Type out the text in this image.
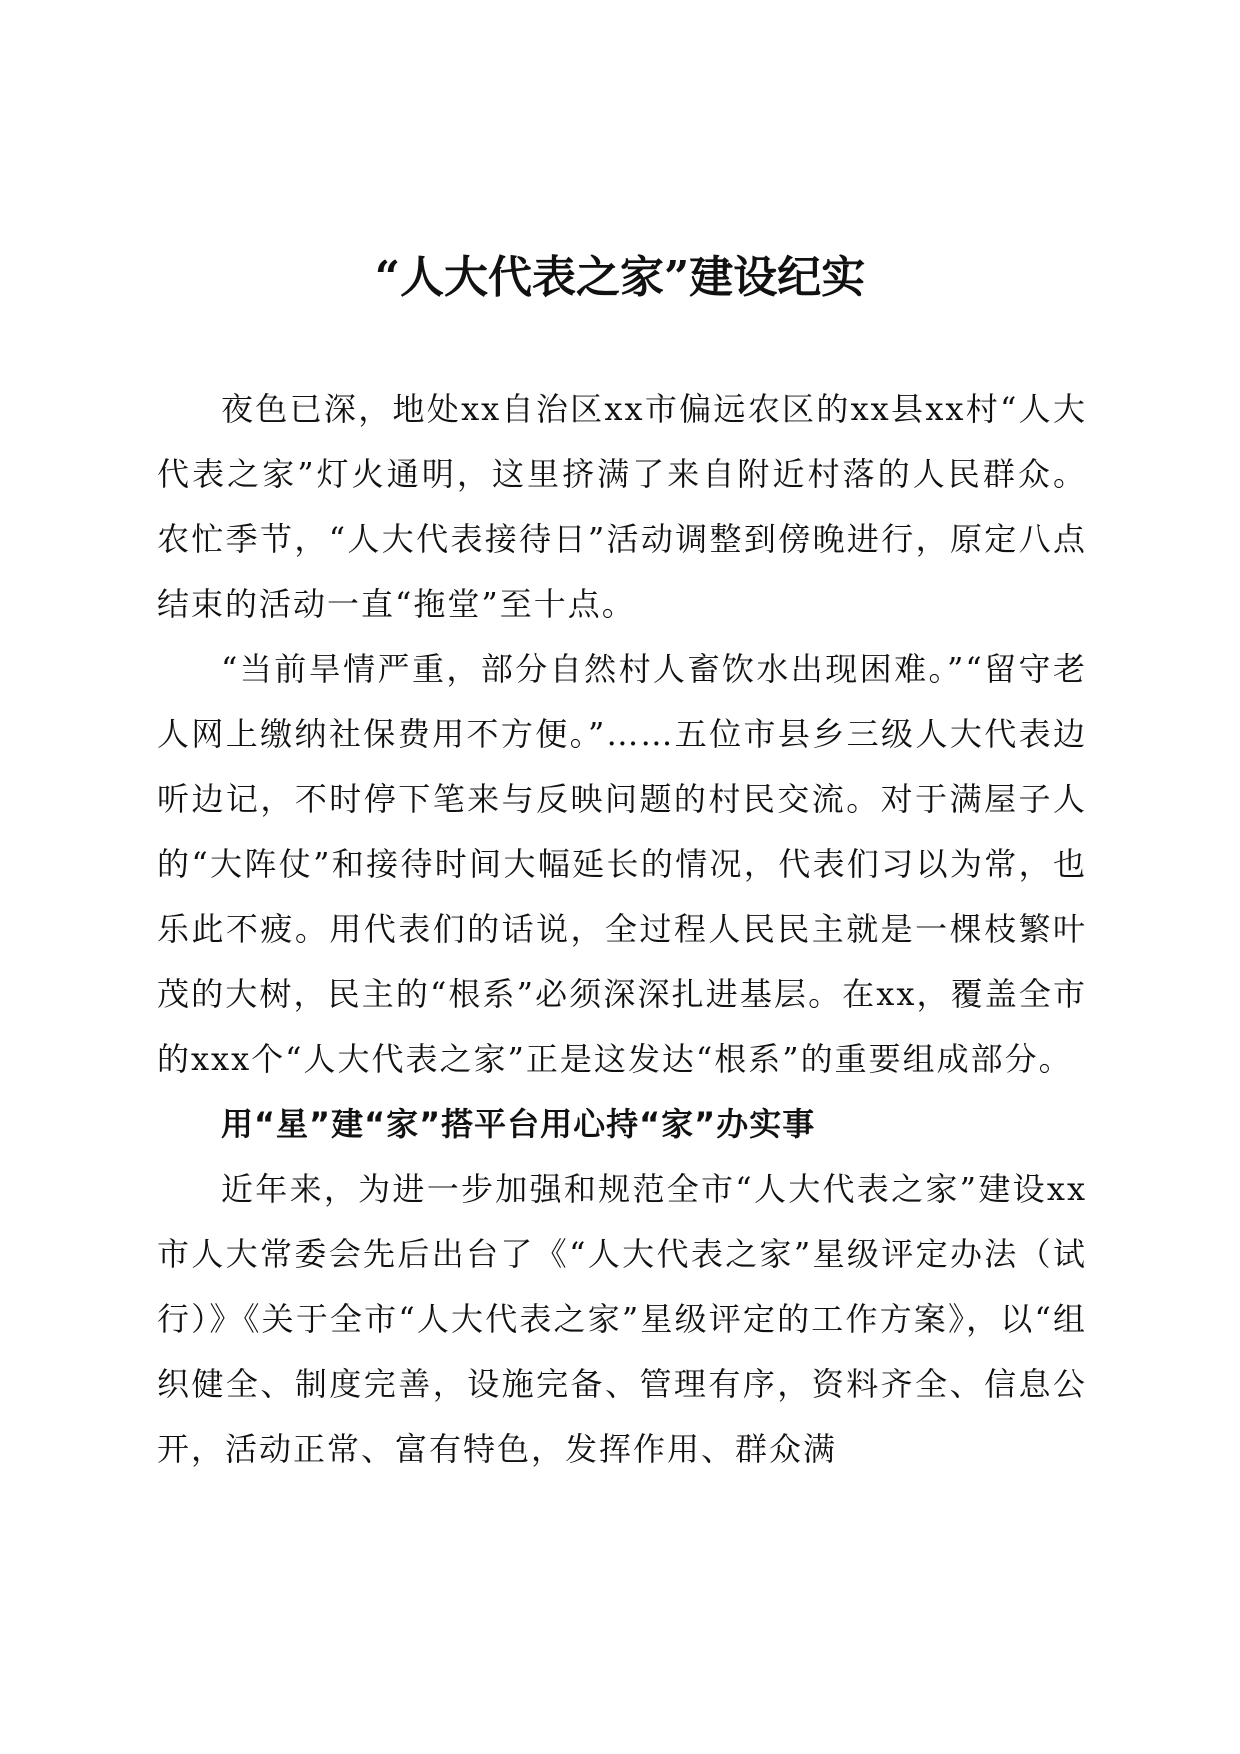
“人大代表之家”建设纪实

夜色已深，地处xx自治区xx市偏远农区的xx县xx村“人大代表之家”灯火通明，这里挤满了来自附近村落的人民群众。农忙季节，“人大代表接待日”活动调整到傍晚进行，原定八点结束的活动一直“拖堂”至十点。

“当前旱情严重，部分自然村人畜饮水出现困难。”“留守老人网上缴纳社保费用不方便。”……五位市县乡三级人大代表边听边记，不时停下笔来与反映问题的村民交流。对于满屋子人的“大阵仗”和接待时间大幅延长的情况，代表们习以为常，也乐此不疲。用代表们的话说，全过程人民民主就是一棵枝繁叶茂的大树，民主的“根系”必须深深扎进基层。在xx，覆盖全市的xxx个“人大代表之家”正是这发达“根系”的重要组成部分。

用“星”建“家”搭平台用心持“家”办实事

近年来，为进一步加强和规范全市“人大代表之家”建设xx市人大常委会先后出台了《“人大代表之家”星级评定办法（试行）》《关于全市“人大代表之家”星级评定的工作方案》，以“组织健全、制度完善，设施完备、管理有序，资料齐全、信息公开，活动正常、富有特色，发挥作用、群众满
